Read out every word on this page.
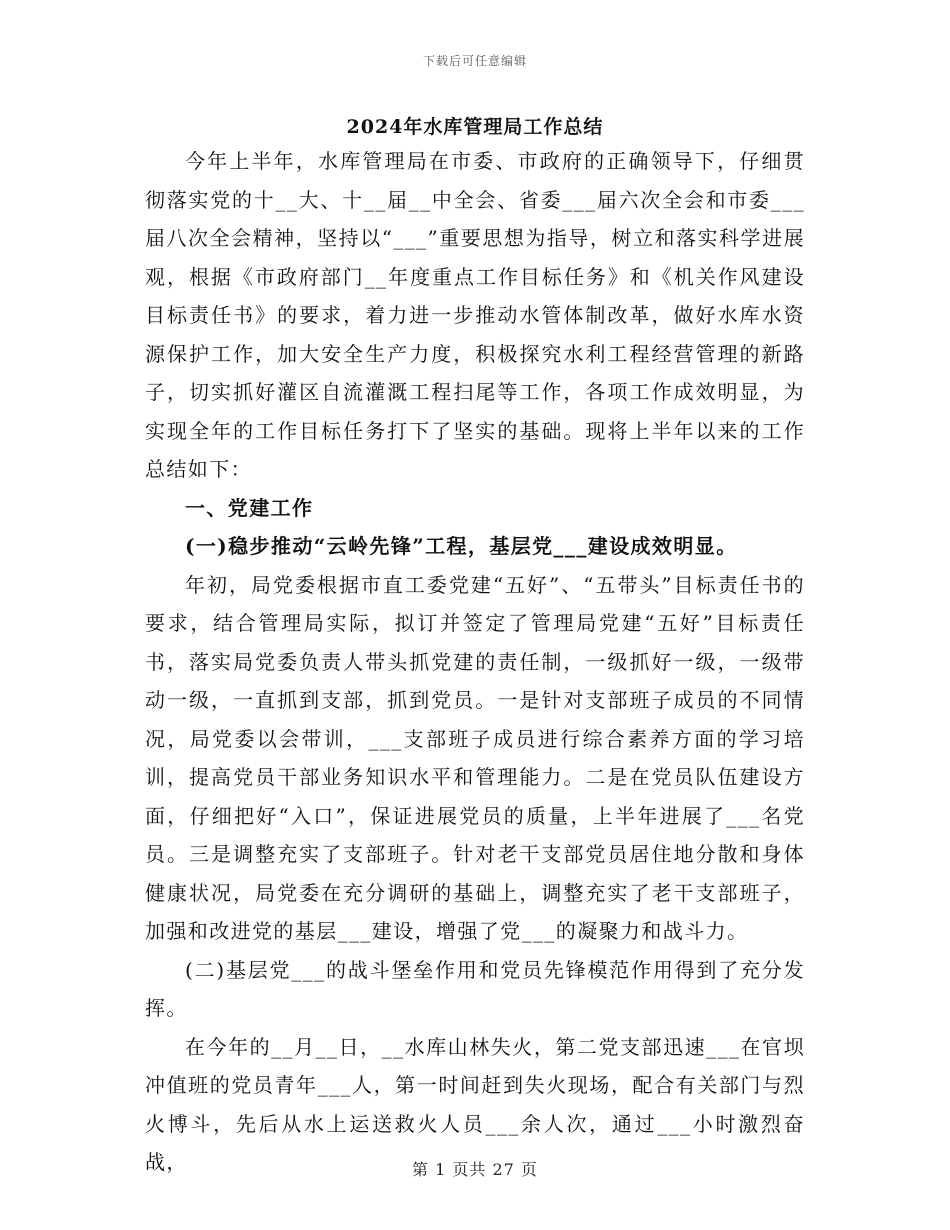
下载后可任意编辑
2024年水库管理局工作总结

今年上半年，水库管理局在市委、市政府的正确领导下，仔细贯彻落实党的十__大、十__届__中全会、省委___届六次全会和市委___届八次全会精神，坚持以“___”重要思想为指导，树立和落实科学进展观，根据《市政府部门__年度重点工作目标任务》和《机关作风建设目标责任书》的要求，着力进一步推动水管体制改革，做好水库水资源保护工作，加大安全生产力度，积极探究水利工程经营管理的新路子，切实抓好灌区自流灌溉工程扫尾等工作，各项工作成效明显，为实现全年的工作目标任务打下了坚实的基础。现将上半年以来的工作总结如下：

一、党建工作

(一)稳步推动“云岭先锋”工程，基层党___建设成效明显。

年初，局党委根据市直工委党建“五好”、“五带头”目标责任书的要求，结合管理局实际，拟订并签定了管理局党建“五好”目标责任书，落实局党委负责人带头抓党建的责任制，一级抓好一级，一级带动一级，一直抓到支部，抓到党员。一是针对支部班子成员的不同情况，局党委以会带训，___支部班子成员进行综合素养方面的学习培训，提高党员干部业务知识水平和管理能力。二是在党员队伍建设方面，仔细把好“入口”，保证进展党员的质量，上半年进展了___名党员。三是调整充实了支部班子。针对老干支部党员居住地分散和身体健康状况，局党委在充分调研的基础上，调整充实了老干支部班子，加强和改进党的基层___建设，增强了党___的凝聚力和战斗力。

(二)基层党___的战斗堡垒作用和党员先锋模范作用得到了充分发挥。

在今年的__月__日，__水库山林失火，第二党支部迅速___在官坝冲值班的党员青年___人，第一时间赶到失火现场，配合有关部门与烈火博斗，先后从水上运送救火人员___余人次，通过___小时激烈奋战，	第 1 页共 27 页
